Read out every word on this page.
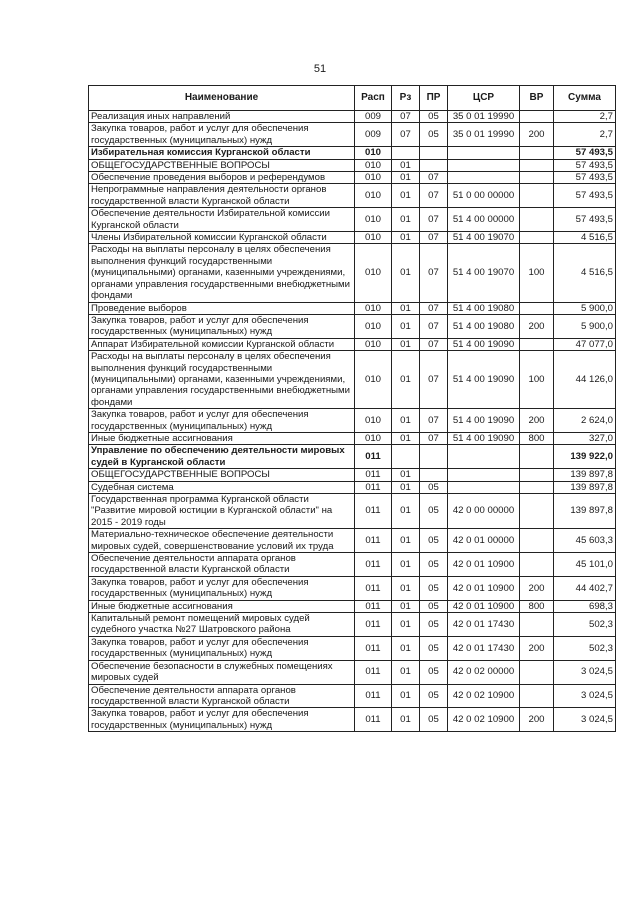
51
Наименование	Расп	Рз	ПР	ЦСР	ВР	Сумма
Реализация иных направлений	009	07	05	35 0 01 19990		2,7
Закупка товаров, работ и услуг для обеспечения государственных (муниципальных) нужд	009	07	05	35 0 01 19990	200	2,7
Избирательная комиссия Курганской области	010					57 493,5
ОБЩЕГОСУДАРСТВЕННЫЕ ВОПРОСЫ	010	01				57 493,5
Обеспечение проведения выборов и референдумов	010	01	07			57 493,5
Непрограммные направления деятельности органов государственной власти Курганской области	010	01	07	51 0 00 00000		57 493,5
Обеспечение деятельности Избирательной комиссии Курганской области	010	01	07	51 4 00 00000		57 493,5
Члены Избирательной комиссии Курганской области	010	01	07	51 4 00 19070		4 516,5
Расходы на выплаты персоналу в целях обеспечения выполнения функций государственными (муниципальными) органами, казенными учреждениями, органами управления государственными внебюджетными фондами	010	01	07	51 4 00 19070	100	4 516,5
Проведение выборов	010	01	07	51 4 00 19080		5 900,0
Закупка товаров, работ и услуг для обеспечения государственных (муниципальных) нужд	010	01	07	51 4 00 19080	200	5 900,0
Аппарат Избирательной комиссии Курганской области	010	01	07	51 4 00 19090		47 077,0
Расходы на выплаты персоналу в целях обеспечения выполнения функций государственными (муниципальными) органами, казенными учреждениями, органами управления государственными внебюджетными фондами	010	01	07	51 4 00 19090	100	44 126,0
Закупка товаров, работ и услуг для обеспечения государственных (муниципальных) нужд	010	01	07	51 4 00 19090	200	2 624,0
Иные бюджетные ассигнования	010	01	07	51 4 00 19090	800	327,0
Управление по обеспечению деятельности мировых судей в Курганской области	011					139 922,0
ОБЩЕГОСУДАРСТВЕННЫЕ ВОПРОСЫ	011	01				139 897,8
Судебная система	011	01	05			139 897,8
Государственная программа Курганской области "Развитие мировой юстиции в Курганской области" на 2015 - 2019 годы	011	01	05	42 0 00 00000		139 897,8
Материально-техническое обеспечение деятельности мировых судей, совершенствование условий их труда	011	01	05	42 0 01 00000		45 603,3
Обеспечение деятельности аппарата органов государственной власти Курганской области	011	01	05	42 0 01 10900		45 101,0
Закупка товаров, работ и услуг для обеспечения государственных (муниципальных) нужд	011	01	05	42 0 01 10900	200	44 402,7
Иные бюджетные ассигнования	011	01	05	42 0 01 10900	800	698,3
Капитальный ремонт помещений мировых судей судебного участка №27 Шатровского района	011	01	05	42 0 01 17430		502,3
Закупка товаров, работ и услуг для обеспечения государственных (муниципальных) нужд	011	01	05	42 0 01 17430	200	502,3
Обеспечение безопасности в служебных помещениях мировых судей	011	01	05	42 0 02 00000		3 024,5
Обеспечение деятельности аппарата органов государственной власти Курганской области	011	01	05	42 0 02 10900		3 024,5
Закупка товаров, работ и услуг для обеспечения государственных (муниципальных) нужд	011	01	05	42 0 02 10900	200	3 024,5
